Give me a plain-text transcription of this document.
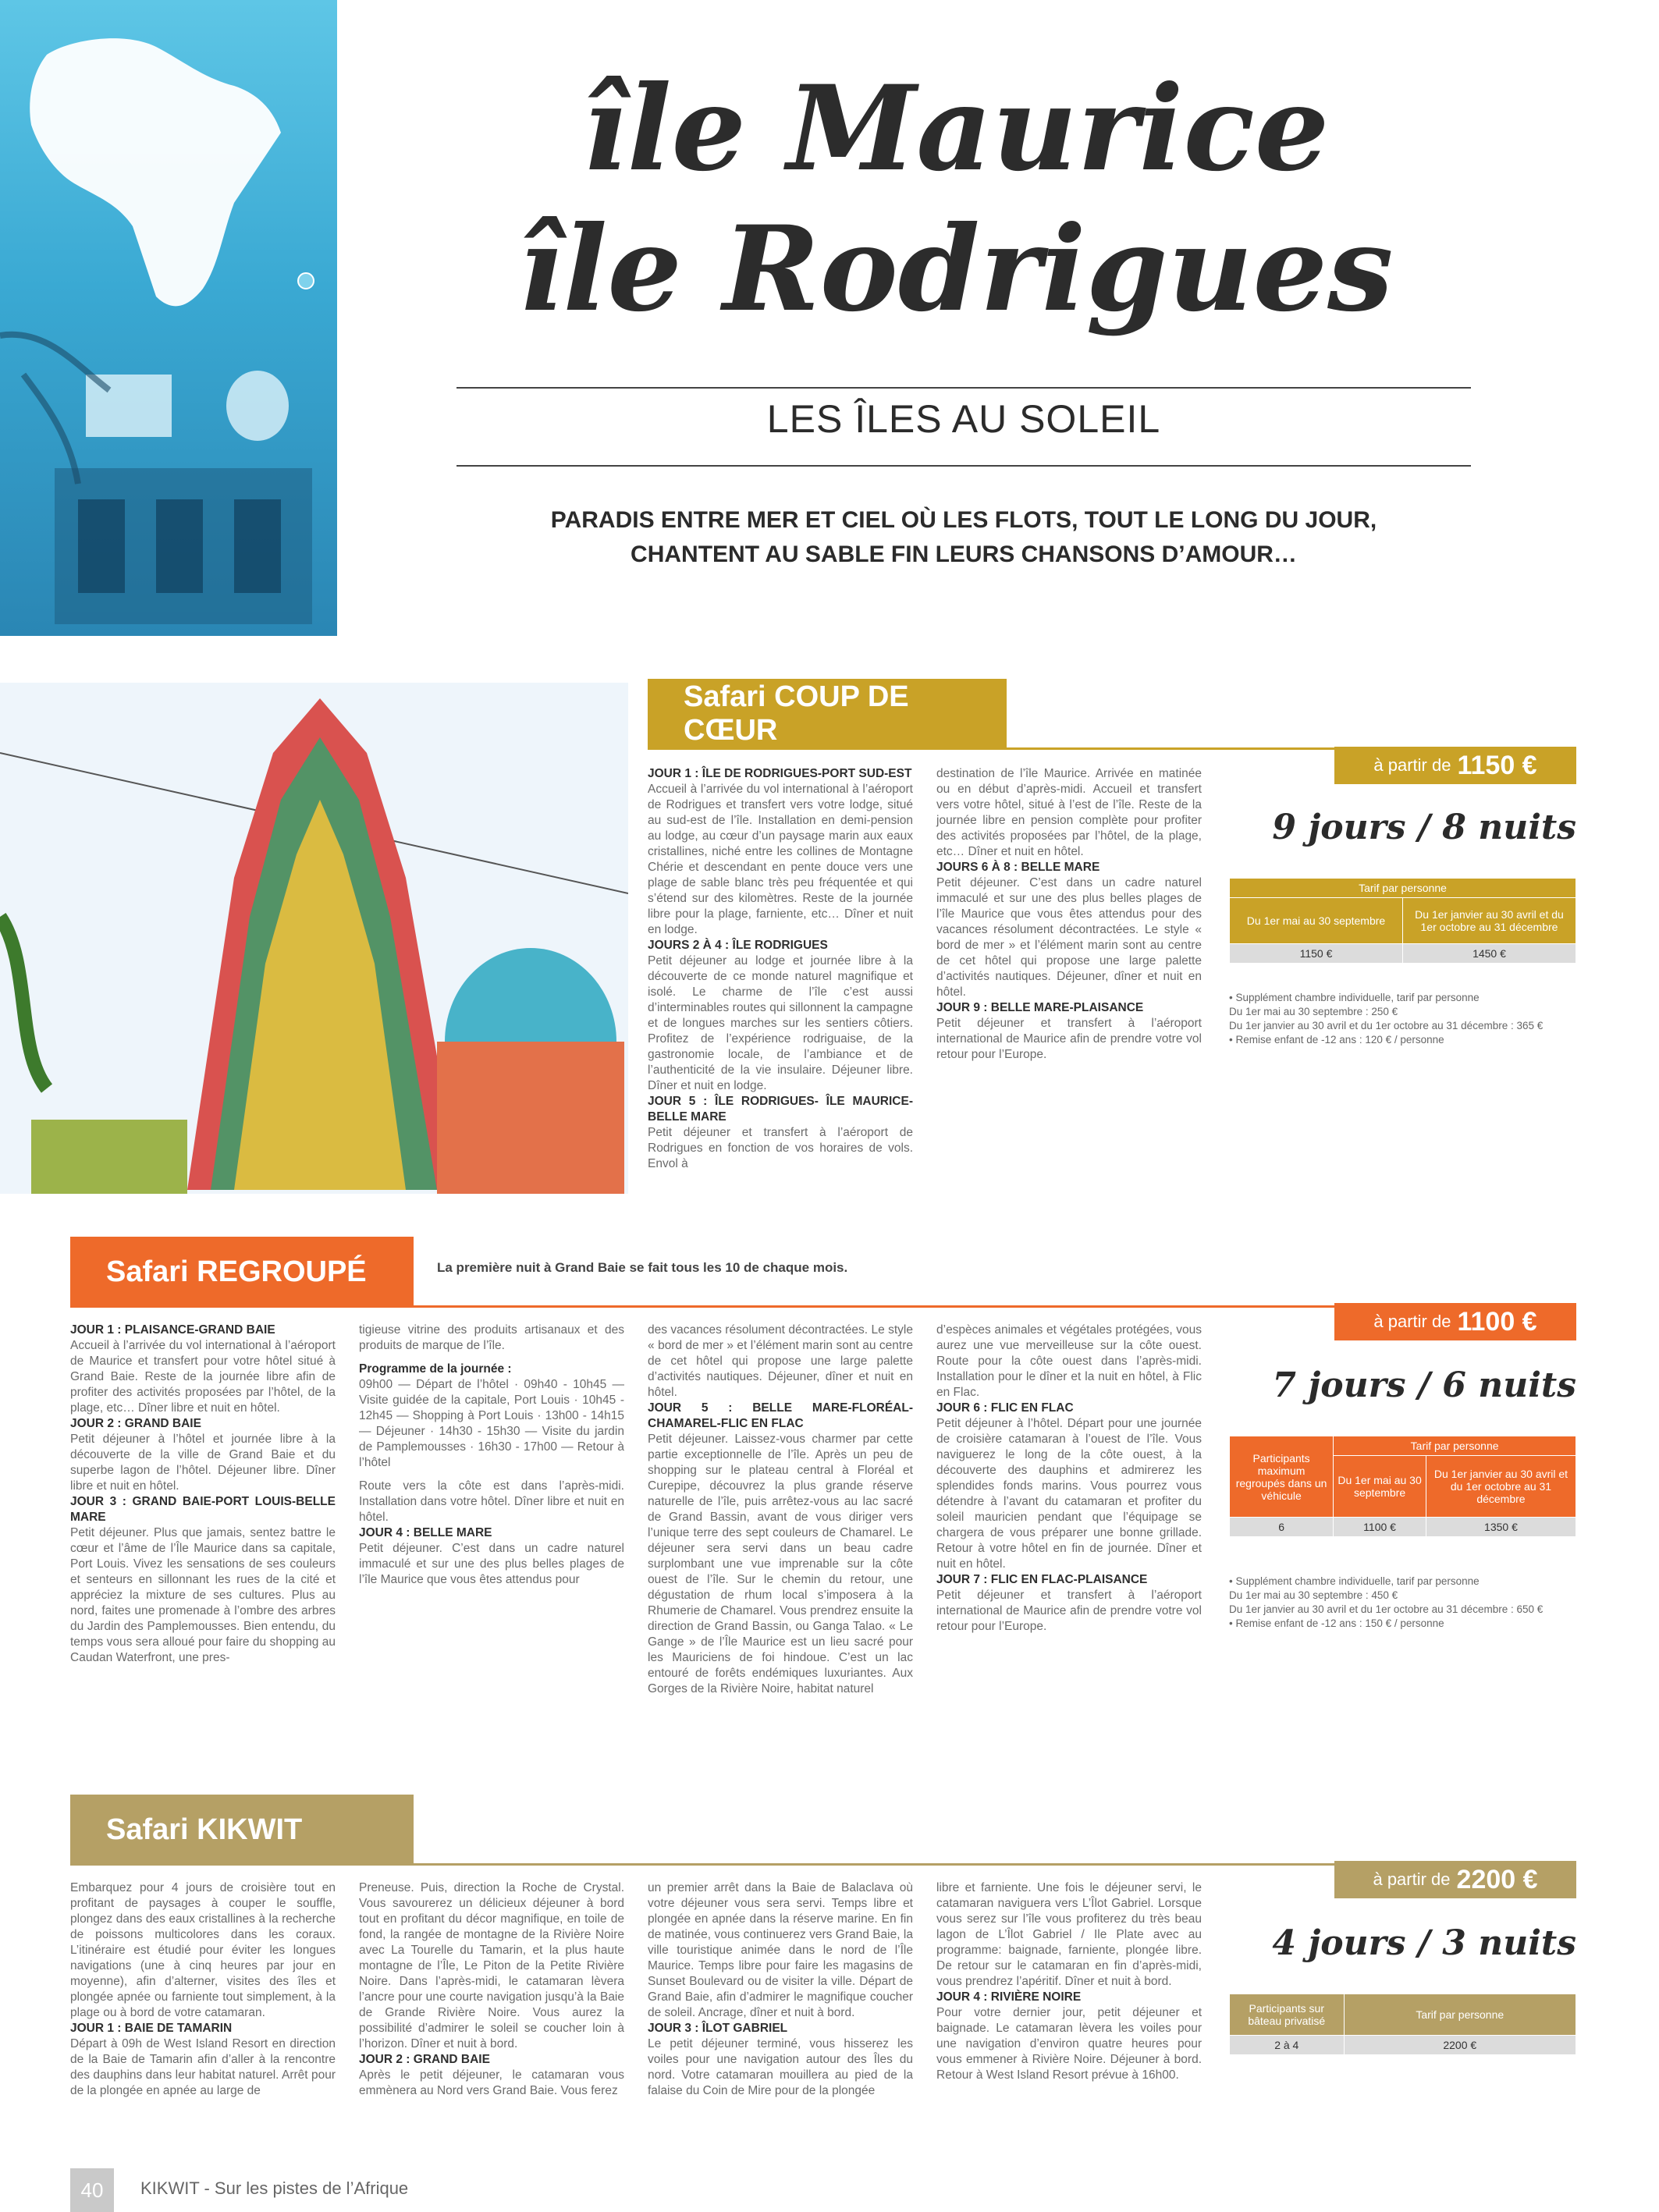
île Maurice
île Rodrigues
LES ÎLES AU SOLEIL
PARADIS ENTRE MER ET CIEL OÙ LES FLOTS, TOUT LE LONG DU JOUR,
CHANTENT AU SABLE FIN LEURS CHANSONS D’AMOUR…
Safari COUP DE CŒUR
JOUR 1 : ÎLE DE RODRIGUES-PORT SUD-EST

Accueil à l’arrivée du vol international à l’aéroport de Rodrigues et transfert vers votre lodge, situé au sud-est de l’île. Installation en demi-pension au lodge, au cœur d’un paysage marin aux eaux cristallines, niché entre les collines de Montagne Chérie et descendant en pente douce vers une plage de sable blanc très peu fréquentée et qui s’étend sur des kilomètres. Reste de la journée libre pour la plage, farniente, etc… Dîner et nuit en lodge.

JOURS 2 À 4 : ÎLE RODRIGUES

Petit déjeuner au lodge et journée libre à la découverte de ce monde naturel magnifique et isolé. Le charme de l’île c’est aussi d’interminables routes qui sillonnent la campagne et de longues marches sur les sentiers côtiers. Profitez de l’expérience rodriguaise, de la gastronomie locale, de l’ambiance et de l’authenticité de la vie insulaire. Déjeuner libre. Dîner et nuit en lodge.

JOUR 5 : ÎLE RODRIGUES- ÎLE MAURICE-BELLE MARE

Petit déjeuner et transfert à l’aéroport de Rodrigues en fonction de vos horaires de vols. Envol à

destination de l’île Maurice. Arrivée en matinée ou en début d’après-midi. Accueil et transfert vers votre hôtel, situé à l’est de l’île. Reste de la journée libre en pension complète pour profiter des activités proposées par l’hôtel, de la plage, etc… Dîner et nuit en hôtel.

JOURS 6 À 8 : BELLE MARE

Petit déjeuner. C’est dans un cadre naturel immaculé et sur une des plus belles plages de l’île Maurice que vous êtes attendus pour des vacances résolument décontractées. Le style « bord de mer » et l’élément marin sont au centre de cet hôtel qui propose une large palette d’activités nautiques. Déjeuner, dîner et nuit en hôtel.

JOUR 9 : BELLE MARE-PLAISANCE

Petit déjeuner et transfert à l’aéroport international de Maurice afin de prendre votre vol retour pour l’Europe.

à partir de 1150 €
9 jours / 8 nuits
Tarif par personne	
Du 1er mai au 30 septembre	Du 1er janvier au 30 avril et du 1er octobre au 31 décembre
1150 €	1450 €
• Supplément chambre individuelle, tarif par personne
Du 1er mai au 30 septembre : 250 €
Du 1er janvier au 30 avril et du 1er octobre au 31 décembre : 365 €
• Remise enfant de -12 ans : 120 € / personne
Safari REGROUPÉ	La première nuit à Grand Baie se fait tous les 10 de chaque mois.
JOUR 1 : PLAISANCE-GRAND BAIE

Accueil à l’arrivée du vol international à l’aéroport de Maurice et transfert pour votre hôtel situé à Grand Baie. Reste de la journée libre afin de profiter des activités proposées par l’hôtel, de la plage, etc… Dîner libre et nuit en hôtel.

JOUR 2 : GRAND BAIE

Petit déjeuner à l’hôtel et journée libre à la découverte de la ville de Grand Baie et du superbe lagon de l’hôtel. Déjeuner libre. Dîner libre et nuit en hôtel.

JOUR 3 : GRAND BAIE-PORT LOUIS-BELLE MARE

Petit déjeuner. Plus que jamais, sentez battre le cœur et l’âme de l’Île Maurice dans sa capitale, Port Louis. Vivez les sensations de ses couleurs et senteurs en sillonnant les rues de la cité et appréciez la mixture de ses cultures. Plus au nord, faites une promenade à l’ombre des arbres du Jardin des Pamplemousses. Bien entendu, du temps vous sera alloué pour faire du shopping au Caudan Waterfront, une pres-

tigieuse vitrine des produits artisanaux et des produits de marque de l’île.

Programme de la journée :

09h00 — Départ de l’hôtel · 09h40 - 10h45 — Visite guidée de la capitale, Port Louis · 10h45 - 12h45 — Shopping à Port Louis · 13h00 - 14h15 — Déjeuner · 14h30 - 15h30 — Visite du jardin de Pamplemousses · 16h30 - 17h00 — Retour à l’hôtel

Route vers la côte est dans l’après-midi. Installation dans votre hôtel. Dîner libre et nuit en hôtel.

JOUR 4 : BELLE MARE

Petit déjeuner. C’est dans un cadre naturel immaculé et sur une des plus belles plages de l’île Maurice que vous êtes attendus pour

des vacances résolument décontractées. Le style « bord de mer » et l’élément marin sont au centre de cet hôtel qui propose une large palette d’activités nautiques. Déjeuner, dîner et nuit en hôtel.

JOUR 5 : BELLE MARE-FLORÉAL-CHAMAREL-FLIC EN FLAC

Petit déjeuner. Laissez-vous charmer par cette partie exceptionnelle de l’île. Après un peu de shopping sur le plateau central à Floréal et Curepipe, découvrez la plus grande réserve naturelle de l’île, puis arrêtez-vous au lac sacré de Grand Bassin, avant de vous diriger vers l’unique terre des sept couleurs de Chamarel. Le déjeuner sera servi dans un beau cadre surplombant une vue imprenable sur la côte ouest de l’île. Sur le chemin du retour, une dégustation de rhum local s’imposera à la Rhumerie de Chamarel. Vous prendrez ensuite la direction de Grand Bassin, ou Ganga Talao. « Le Gange » de l’Île Maurice est un lieu sacré pour les Mauriciens de foi hindoue. C’est un lac entouré de forêts endémiques luxuriantes. Aux Gorges de la Rivière Noire, habitat naturel

d’espèces animales et végétales protégées, vous aurez une vue merveilleuse sur la côte ouest. Route pour la côte ouest dans l’après-midi. Installation pour le dîner et la nuit en hôtel, à Flic en Flac.

JOUR 6 : FLIC EN FLAC

Petit déjeuner à l’hôtel. Départ pour une journée de croisière catamaran à l’ouest de l’île. Vous naviguerez le long de la côte ouest, à la découverte des dauphins et admirerez les splendides fonds marins. Vous pourrez vous détendre à l’avant du catamaran et profiter du soleil mauricien pendant que l’équipage se chargera de vous préparer une bonne grillade. Retour à votre hôtel en fin de journée. Dîner et nuit en hôtel.

JOUR 7 : FLIC EN FLAC-PLAISANCE

Petit déjeuner et transfert à l’aéroport international de Maurice afin de prendre votre vol retour pour l’Europe.

à partir de 1100 €
7 jours / 6 nuits
Participants maximum regroupés dans un véhicule	Tarif par personne	
	Du 1er mai au 30 septembre	Du 1er janvier au 30 avril et du 1er octobre au 31 décembre
6	1100 €	1350 €
• Supplément chambre individuelle, tarif par personne
Du 1er mai au 30 septembre : 450 €
Du 1er janvier au 30 avril et du 1er octobre au 31 décembre : 650 €
• Remise enfant de -12 ans : 150 € / personne
Safari KIKWIT

Embarquez pour 4 jours de croisière tout en profitant de paysages à couper le souffle, plongez dans des eaux cristallines à la recherche de poissons multicolores dans les coraux. L’itinéraire est étudié pour éviter les longues navigations (une à cinq heures par jour en moyenne), afin d’alterner, visites des îles et plongée apnée ou farniente tout simplement, à la plage ou à bord de votre catamaran.

JOUR 1 : BAIE DE TAMARIN

Départ à 09h de West Island Resort en direction de la Baie de Tamarin afin d’aller à la rencontre des dauphins dans leur habitat naturel. Arrêt pour de la plongée en apnée au large de

Preneuse. Puis, direction la Roche de Crystal. Vous savourerez un délicieux déjeuner à bord tout en profitant du décor magnifique, en toile de fond, la rangée de montagne de la Rivière Noire avec La Tourelle du Tamarin, et la plus haute montagne de l’Île, Le Piton de la Petite Rivière Noire. Dans l’après-midi, le catamaran lèvera l’ancre pour une courte navigation jusqu’à la Baie de Grande Rivière Noire. Vous aurez la possibilité d’admirer le soleil se coucher loin à l’horizon. Dîner et nuit à bord.

JOUR 2 : GRAND BAIE

Après le petit déjeuner, le catamaran vous emmènera au Nord vers Grand Baie. Vous ferez

un premier arrêt dans la Baie de Balaclava où votre déjeuner vous sera servi. Temps libre et plongée en apnée dans la réserve marine. En fin de matinée, vous continuerez vers Grand Baie, la ville touristique animée dans le nord de l’Île Maurice. Temps libre pour faire les magasins de Sunset Boulevard ou de visiter la ville. Départ de Grand Baie, afin d’admirer le magnifique coucher de soleil. Ancrage, dîner et nuit à bord.

JOUR 3 : ÎLOT GABRIEL

Le petit déjeuner terminé, vous hisserez les voiles pour une navigation autour des Îles du nord. Votre catamaran mouillera au pied de la falaise du Coin de Mire pour de la plongée

libre et farniente. Une fois le déjeuner servi, le catamaran naviguera vers L’Îlot Gabriel. Lorsque vous serez sur l’île vous profiterez du très beau lagon de L’Îlot Gabriel / Ile Plate avec au programme: baignade, farniente, plongée libre. De retour sur le catamaran en fin d’après-midi, vous prendrez l’apéritif. Dîner et nuit à bord.

JOUR 4 : RIVIÈRE NOIRE

Pour votre dernier jour, petit déjeuner et baignade. Le catamaran lèvera les voiles pour une navigation d’environ quatre heures pour vous emmener à Rivière Noire. Déjeuner à bord. Retour à West Island Resort prévue à 16h00.

à partir de 2200 €
4 jours / 3 nuits
Participants sur bâteau privatisé	Tarif par personne
2 à 4	2200 €
40	KIKWIT - Sur les pistes de l’Afrique
